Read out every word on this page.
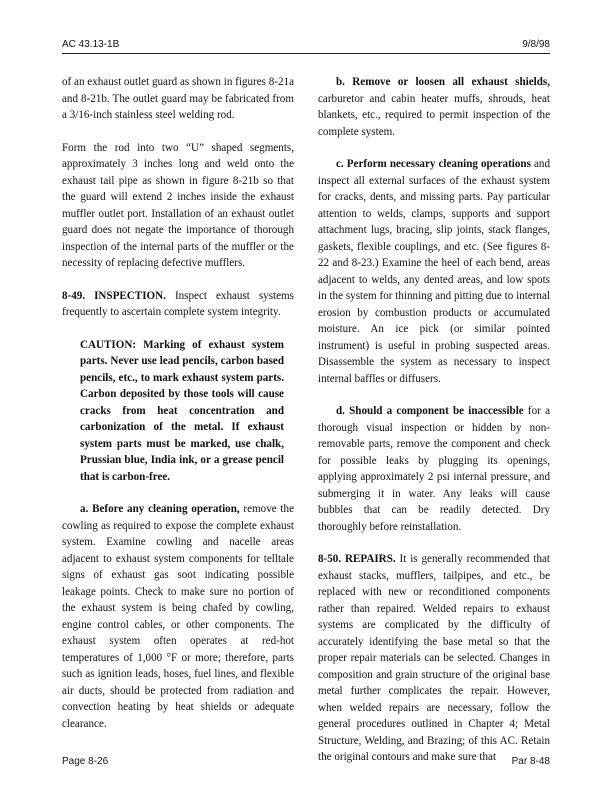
AC 43.13-1B	9/8/98

of an exhaust outlet guard as shown in figures 8-21a and 8-21b. The outlet guard may be fabricated from a 3/16-inch stainless steel welding rod.

Form the rod into two “U” shaped segments, approximately 3 inches long and weld onto the exhaust tail pipe as shown in figure 8-21b so that the guard will extend 2 inches inside the exhaust muffler outlet port. Installation of an exhaust outlet guard does not negate the importance of thorough inspection of the internal parts of the muffler or the necessity of replacing defective mufflers.

8-49. INSPECTION. Inspect exhaust systems frequently to ascertain complete system integrity.

CAUTION: Marking of exhaust system parts. Never use lead pencils, carbon based pencils, etc., to mark exhaust system parts. Carbon deposited by those tools will cause cracks from heat concentration and carbonization of the metal. If exhaust system parts must be marked, use chalk, Prussian blue, India ink, or a grease pencil that is carbon-free.

a. Before any cleaning operation, remove the cowling as required to expose the complete exhaust system. Examine cowling and nacelle areas adjacent to exhaust system components for telltale signs of exhaust gas soot indicating possible leakage points. Check to make sure no portion of the exhaust system is being chafed by cowling, engine control cables, or other components. The exhaust system often operates at red-hot temperatures of 1,000 °F or more; therefore, parts such as ignition leads, hoses, fuel lines, and flexible air ducts, should be protected from radiation and convection heating by heat shields or adequate clearance.

b. Remove or loosen all exhaust shields, carburetor and cabin heater muffs, shrouds, heat blankets, etc., required to permit inspection of the complete system.

c. Perform necessary cleaning operations and inspect all external surfaces of the exhaust system for cracks, dents, and missing parts. Pay particular attention to welds, clamps, supports and support attachment lugs, bracing, slip joints, stack flanges, gaskets, flexible couplings, and etc. (See figures 8-22 and 8-23.) Examine the heel of each bend, areas adjacent to welds, any dented areas, and low spots in the system for thinning and pitting due to internal erosion by combustion products or accumulated moisture. An ice pick (or similar pointed instrument) is useful in probing suspected areas. Disassemble the system as necessary to inspect internal baffles or diffusers.

d. Should a component be inaccessible for a thorough visual inspection or hidden by non-removable parts, remove the component and check for possible leaks by plugging its openings, applying approximately 2 psi internal pressure, and submerging it in water. Any leaks will cause bubbles that can be readily detected. Dry thoroughly before reinstallation.

8-50. REPAIRS. It is generally recommended that exhaust stacks, mufflers, tailpipes, and etc., be replaced with new or reconditioned components rather than repaired. Welded repairs to exhaust systems are complicated by the difficulty of accurately identifying the base metal so that the proper repair materials can be selected. Changes in composition and grain structure of the original base metal further complicates the repair. However, when welded repairs are necessary, follow the general procedures outlined in Chapter 4; Metal Structure, Welding, and Brazing; of this AC. Retain the original contours and make sure that

Page 8-26	Par 8-48
